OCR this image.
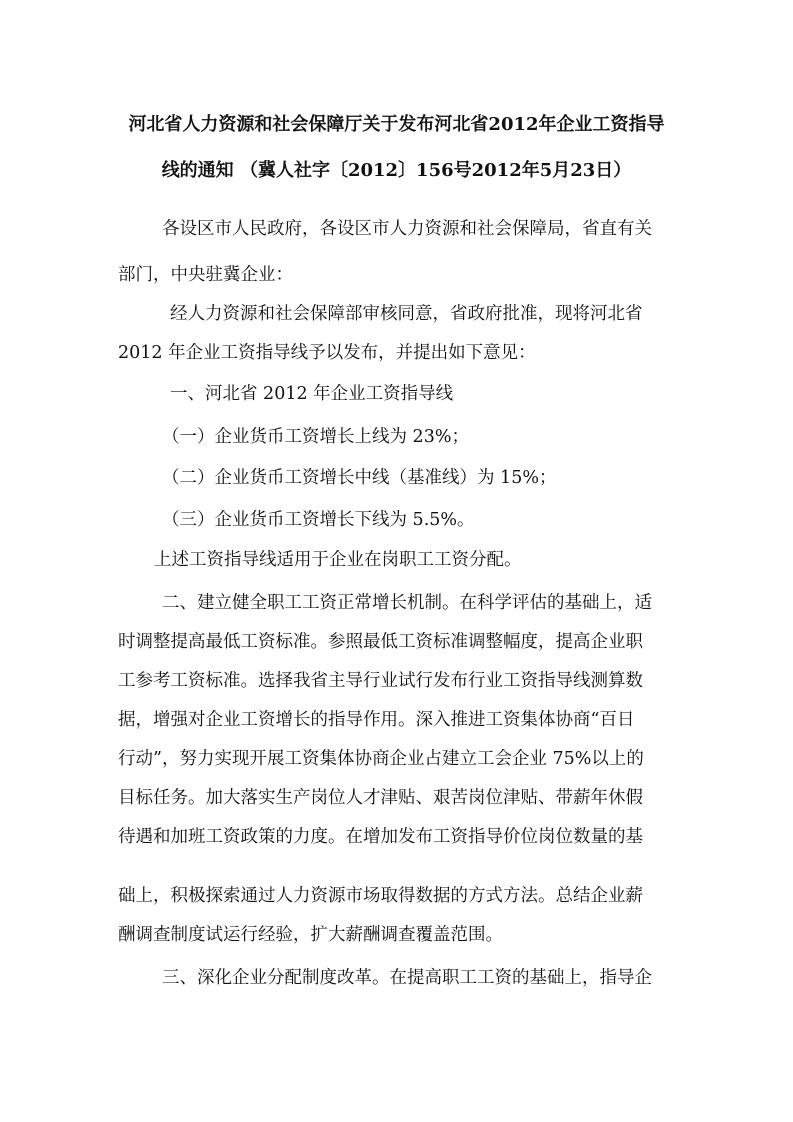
河北省人力资源和社会保障厅关于发布河北省2012年企业工资指导
线的通知 （冀人社字〔2012〕156号2012年5月23日）
各设区市人民政府，各设区市人力资源和社会保障局，省直有关
部门，中央驻冀企业：
经人力资源和社会保障部审核同意，省政府批准，现将河北省
2012 年企业工资指导线予以发布，并提出如下意见：
一、河北省 2012 年企业工资指导线
（一）企业货币工资增长上线为 23%；
（二）企业货币工资增长中线（基准线）为 15%；
（三）企业货币工资增长下线为 5.5%。
上述工资指导线适用于企业在岗职工工资分配。
二、建立健全职工工资正常增长机制。在科学评估的基础上，适
时调整提高最低工资标准。参照最低工资标准调整幅度，提高企业职
工参考工资标准。选择我省主导行业试行发布行业工资指导线测算数
据，增强对企业工资增长的指导作用。深入推进工资集体协商“百日
行动”，努力实现开展工资集体协商企业占建立工会企业 75%以上的
目标任务。加大落实生产岗位人才津贴、艰苦岗位津贴、带薪年休假
待遇和加班工资政策的力度。在增加发布工资指导价位岗位数量的基
础上，积极探索通过人力资源市场取得数据的方式方法。总结企业薪
酬调查制度试运行经验，扩大薪酬调查覆盖范围。
三、深化企业分配制度改革。在提高职工工资的基础上，指导企
